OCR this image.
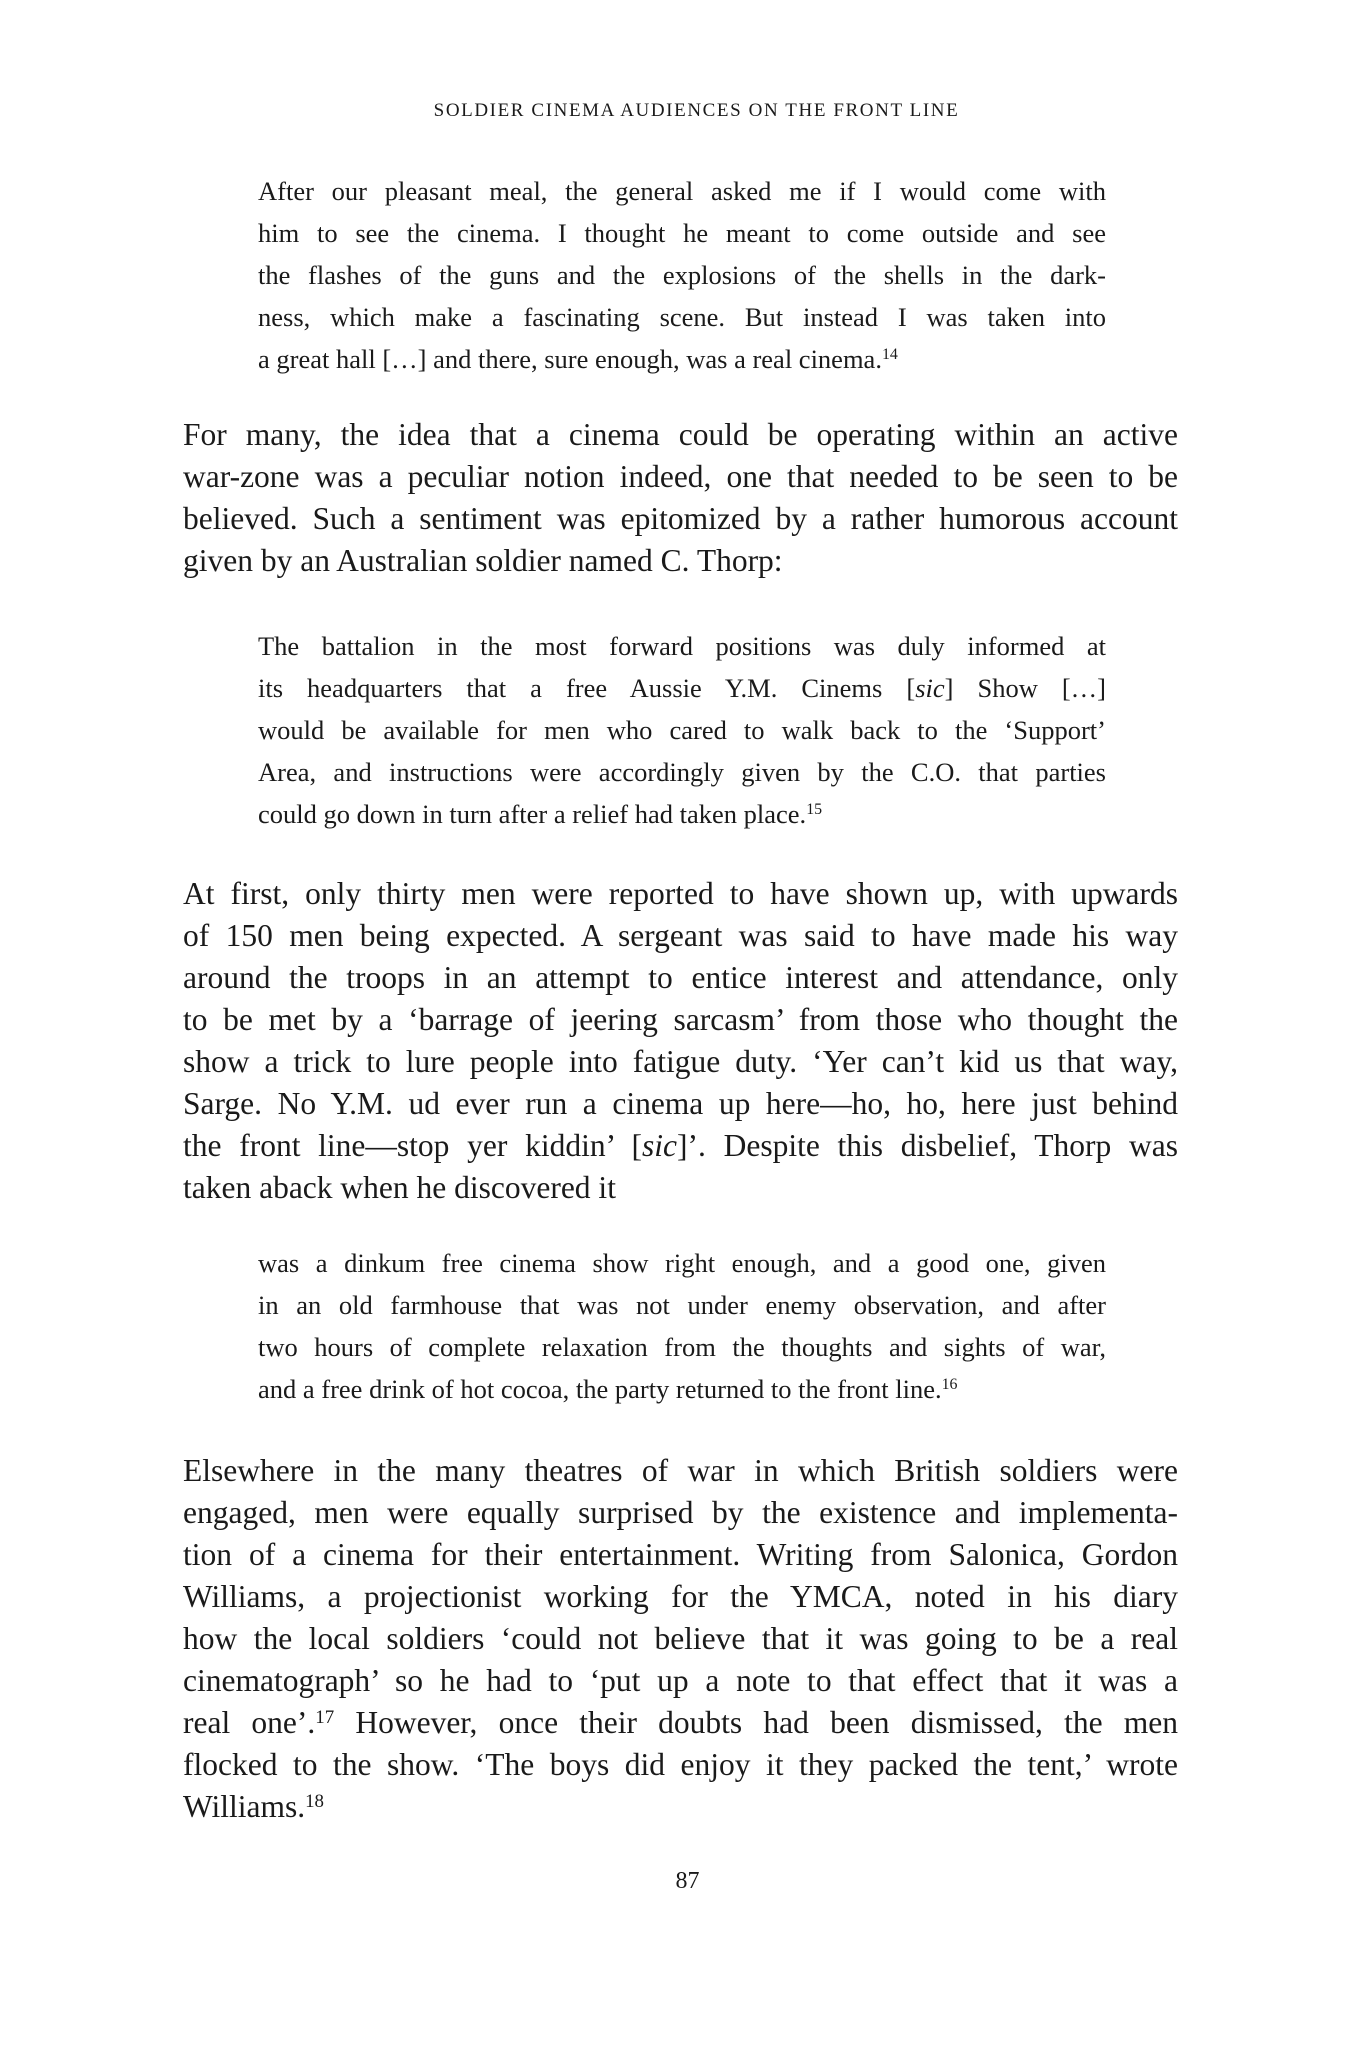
SOLDIER CINEMA AUDIENCES ON THE FRONT LINE
After our pleasant meal, the general asked me if I would come with
him to see the cinema. I thought he meant to come outside and see
the flashes of the guns and the explosions of the shells in the dark-
ness, which make a fascinating scene. But instead I was taken into
a great hall […] and there, sure enough, was a real cinema.$^{14}$
For many, the idea that a cinema could be operating within an active
war-zone was a peculiar notion indeed, one that needed to be seen to be
believed. Such a sentiment was epitomized by a rather humorous account
given by an Australian soldier named C. Thorp:
The battalion in the most forward positions was duly informed at
its headquarters that a free Aussie Y.M. Cinems [sic] Show […]
would be available for men who cared to walk back to the ‘Support’
Area, and instructions were accordingly given by the C.O. that parties
could go down in turn after a relief had taken place.$^{15}$
At first, only thirty men were reported to have shown up, with upwards
of 150 men being expected. A sergeant was said to have made his way
around the troops in an attempt to entice interest and attendance, only
to be met by a ‘barrage of jeering sarcasm’ from those who thought the
show a trick to lure people into fatigue duty. ‘Yer can’t kid us that way,
Sarge. No Y.M. ud ever run a cinema up here—ho, ho, here just behind
the front line—stop yer kiddin’ [sic]’. Despite this disbelief, Thorp was
taken aback when he discovered it
was a dinkum free cinema show right enough, and a good one, given
in an old farmhouse that was not under enemy observation, and after
two hours of complete relaxation from the thoughts and sights of war,
and a free drink of hot cocoa, the party returned to the front line.$^{16}$
Elsewhere in the many theatres of war in which British soldiers were
engaged, men were equally surprised by the existence and implementa-
tion of a cinema for their entertainment. Writing from Salonica, Gordon
Williams, a projectionist working for the YMCA, noted in his diary
how the local soldiers ‘could not believe that it was going to be a real
cinematograph’ so he had to ‘put up a note to that effect that it was a
real one’.$^{17}$ However, once their doubts had been dismissed, the men
flocked to the show. ‘The boys did enjoy it they packed the tent,’ wrote
Williams.$^{18}$
87
